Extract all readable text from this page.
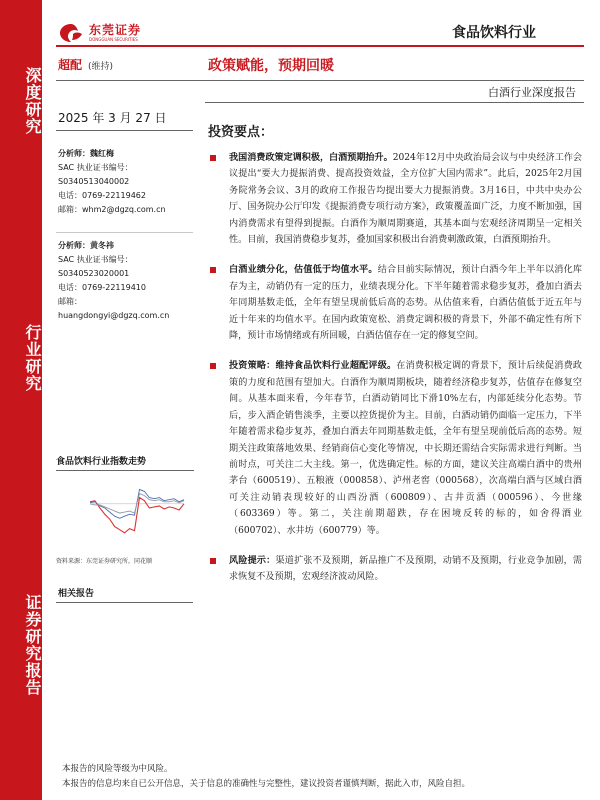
深度研究
行业研究
证券研究报告
东莞证券
DONGGUAN SECURITIES	食品饮料行业
超配 (维持)	政策赋能，预期回暖
白酒行业深度报告
2025 年 3 月 27 日
投资要点：
分析师：魏红梅
SAC 执业证书编号：
S0340513040002
电话：0769-22119462
邮箱：whm2@dgzq.com.cn
分析师：黄冬祎
SAC 执业证书编号：
S0340523020001
电话：0769-22119410
邮箱：
huangdongyi@dgzq.com.cn
食品饮料行业指数走势
资料来源：东莞证券研究所，同花顺
相关报告
我国消费政策定调积极，白酒预期抬升。2024年12月中央政治局会议与中央经济工作会议提出“要大力提振消费、提高投资效益，全方位扩大国内需求”。此后，2025年2月国务院常务会议、3月的政府工作报告均提出要大力提振消费。3月16日，中共中央办公厅、国务院办公厅印发《提振消费专项行动方案》，政策覆盖面广泛，力度不断加强，国内消费需求有望得到提振。白酒作为顺周期赛道，其基本面与宏观经济周期呈一定相关性。目前，我国消费稳步复苏，叠加国家积极出台消费刺激政策，白酒预期抬升。
白酒业绩分化，估值低于均值水平。结合目前实际情况，预计白酒今年上半年以消化库存为主，动销仍有一定的压力，业绩表现分化。下半年随着需求稳步复苏，叠加白酒去年同期基数走低，全年有望呈现前低后高的态势。从估值来看，白酒估值低于近五年与近十年来的均值水平。在国内政策宽松、消费定调积极的背景下，外部不确定性有所下降，预计市场情绪或有所回暖，白酒估值存在一定的修复空间。
投资策略：维持食品饮料行业超配评级。在消费积极定调的背景下，预计后续促消费政策的力度和范围有望加大。白酒作为顺周期板块，随着经济稳步复苏，估值存在修复空间。从基本面来看，今年春节，白酒动销同比下滑10%左右，内部延续分化态势。节后，步入酒企销售淡季，主要以控货提价为主。目前，白酒动销仍面临一定压力，下半年随着需求稳步复苏，叠加白酒去年同期基数走低，全年有望呈现前低后高的态势。短期关注政策落地效果、经销商信心变化等情况，中长期还需结合实际需求进行判断。当前时点，可关注二大主线。第一，优选确定性。标的方面，建议关注高端白酒中的贵州茅台（600519）、五粮液（000858）、泸州老窖（000568），次高端白酒与区域白酒可关注动销表现较好的山西汾酒（600809）、古井贡酒（000596）、今世缘（603369）等。第二，关注前期超跌，存在困境反转的标的，如舍得酒业（600702）、水井坊（600779）等。
风险提示：渠道扩张不及预期，新品推广不及预期，动销不及预期，行业竞争加剧，需求恢复不及预期，宏观经济波动风险。
本报告的风险等级为中风险。
本报告的信息均来自已公开信息，关于信息的准确性与完整性，建议投资者谨慎判断，据此入市，风险自担。
